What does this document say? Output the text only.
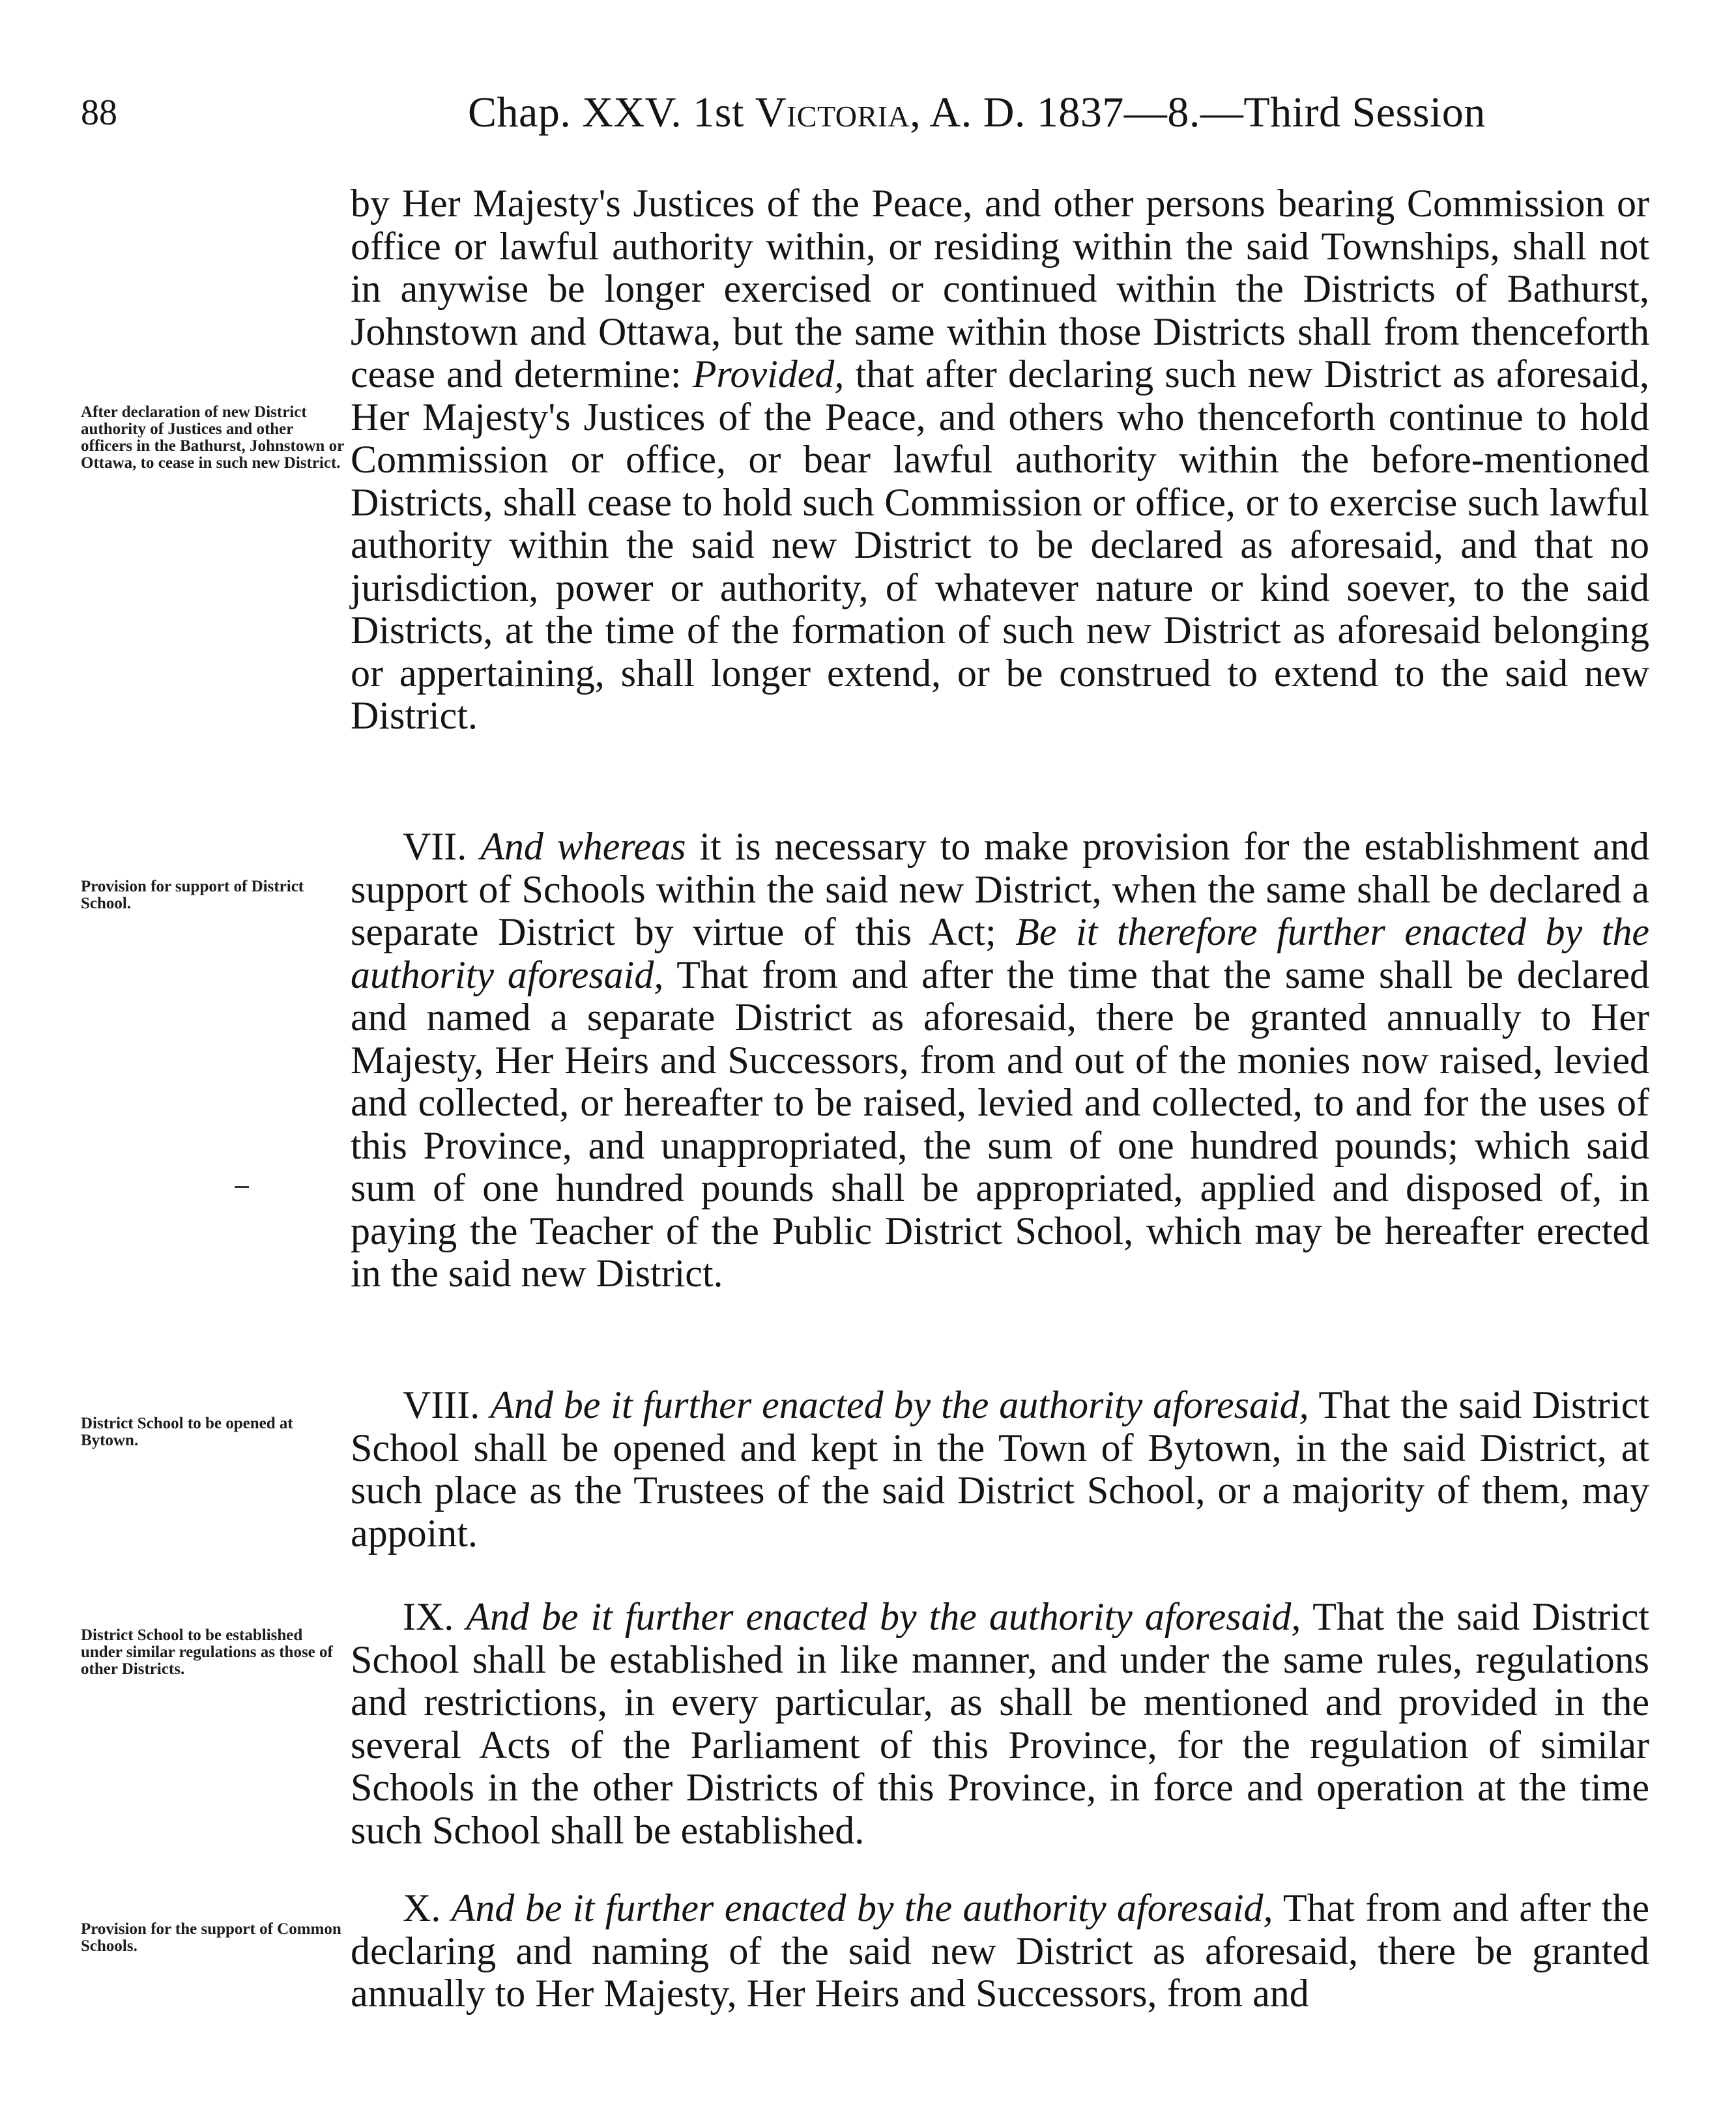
88	Chap. XXV. 1st Victoria, A. D. 1837—8.—Third Session
After declaration of new District authority of Justices and other officers in the Bathurst, Johnstown or Ottawa, to cease in such new District.
Provision for support of District School.
District School to be opened at Bytown.
District School to be established under similar regulations as those of other Districts.
Provision for the support of Common Schools.

by Her Majesty's Justices of the Peace, and other persons bearing Commission or office or lawful authority within, or residing within the said Townships, shall not in anywise be longer exercised or continued within the Districts of Bathurst, Johnstown and Ottawa, but the same within those Districts shall from thenceforth cease and determine: Provided, that after declaring such new District as aforesaid, Her Majesty's Justices of the Peace, and others who thenceforth continue to hold Commission or office, or bear lawful authority within the before-mentioned Districts, shall cease to hold such Commission or office, or to exercise such lawful authority within the said new District to be declared as aforesaid, and that no jurisdiction, power or authority, of whatever nature or kind soever, to the said Districts, at the time of the formation of such new District as aforesaid belonging or appertaining, shall longer extend, or be construed to extend to the said new District.

VII. And whereas it is necessary to make provision for the establishment and support of Schools within the said new District, when the same shall be declared a separate District by virtue of this Act; Be it therefore further enacted by the authority aforesaid, That from and after the time that the same shall be declared and named a separate District as aforesaid, there be granted annually to Her Majesty, Her Heirs and Successors, from and out of the monies now raised, levied and collected, or hereafter to be raised, levied and collected, to and for the uses of this Province, and unappropriated, the sum of one hundred pounds; which said sum of one hundred pounds shall be appropriated, applied and disposed of, in paying the Teacher of the Public District School, which may be hereafter erected in the said new District.

VIII. And be it further enacted by the authority aforesaid, That the said District School shall be opened and kept in the Town of Bytown, in the said District, at such place as the Trustees of the said District School, or a majority of them, may appoint.

IX. And be it further enacted by the authority aforesaid, That the said District School shall be established in like manner, and under the same rules, regulations and restrictions, in every particular, as shall be mentioned and provided in the several Acts of the Parliament of this Province, for the regulation of similar Schools in the other Districts of this Province, in force and operation at the time such School shall be established.

X. And be it further enacted by the authority aforesaid, That from and after the declaring and naming of the said new District as aforesaid, there be granted annually to Her Majesty, Her Heirs and Successors, from and
